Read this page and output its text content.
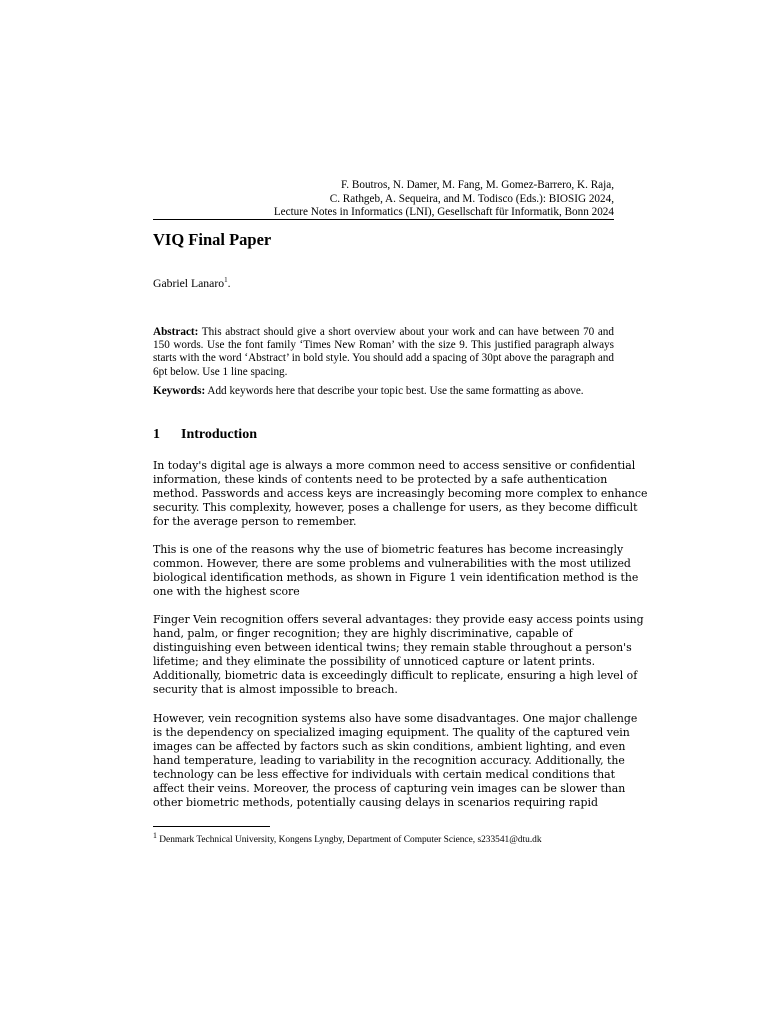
F. Boutros, N. Damer, M. Fang, M. Gomez-Barrero, K. Raja,
C. Rathgeb, A. Sequeira, and M. Todisco (Eds.): BIOSIG 2024,
Lecture Notes in Informatics (LNI), Gesellschaft für Informatik, Bonn 2024
VIQ Final Paper
Gabriel Lanaro$^1$.

Abstract: This abstract should give a short overview about your work and can have between 70 and 150 words. Use the font family ‘Times New Roman’ with the size 9. This justified paragraph always starts with the word ‘Abstract’ in bold style. You should add a spacing of 30pt above the paragraph and 6pt below. Use 1 line spacing.

Keywords: Add keywords here that describe your topic best. Use the same formatting as above.

1 Introduction

In today's digital age is always a more common need to access sensitive or confidential
information, these kinds of contents need to be protected by a safe authentication
method. Passwords and access keys are increasingly becoming more complex to enhance
security. This complexity, however, poses a challenge for users, as they become difficult
for the average person to remember.

This is one of the reasons why the use of biometric features has become increasingly
common. However, there are some problems and vulnerabilities with the most utilized
biological identification methods, as shown in Figure 1 vein identification method is the
one with the highest score

Finger Vein recognition offers several advantages: they provide easy access points using
hand, palm, or finger recognition; they are highly discriminative, capable of
distinguishing even between identical twins; they remain stable throughout a person's
lifetime; and they eliminate the possibility of unnoticed capture or latent prints.
Additionally, biometric data is exceedingly difficult to replicate, ensuring a high level of
security that is almost impossible to breach.

However, vein recognition systems also have some disadvantages. One major challenge
is the dependency on specialized imaging equipment. The quality of the captured vein
images can be affected by factors such as skin conditions, ambient lighting, and even
hand temperature, leading to variability in the recognition accuracy. Additionally, the
technology can be less effective for individuals with certain medical conditions that
affect their veins. Moreover, the process of capturing vein images can be slower than
other biometric methods, potentially causing delays in scenarios requiring rapid

$^1$ Denmark Technical University, Kongens Lyngby, Department of Computer Science, s233541@dtu.dk
